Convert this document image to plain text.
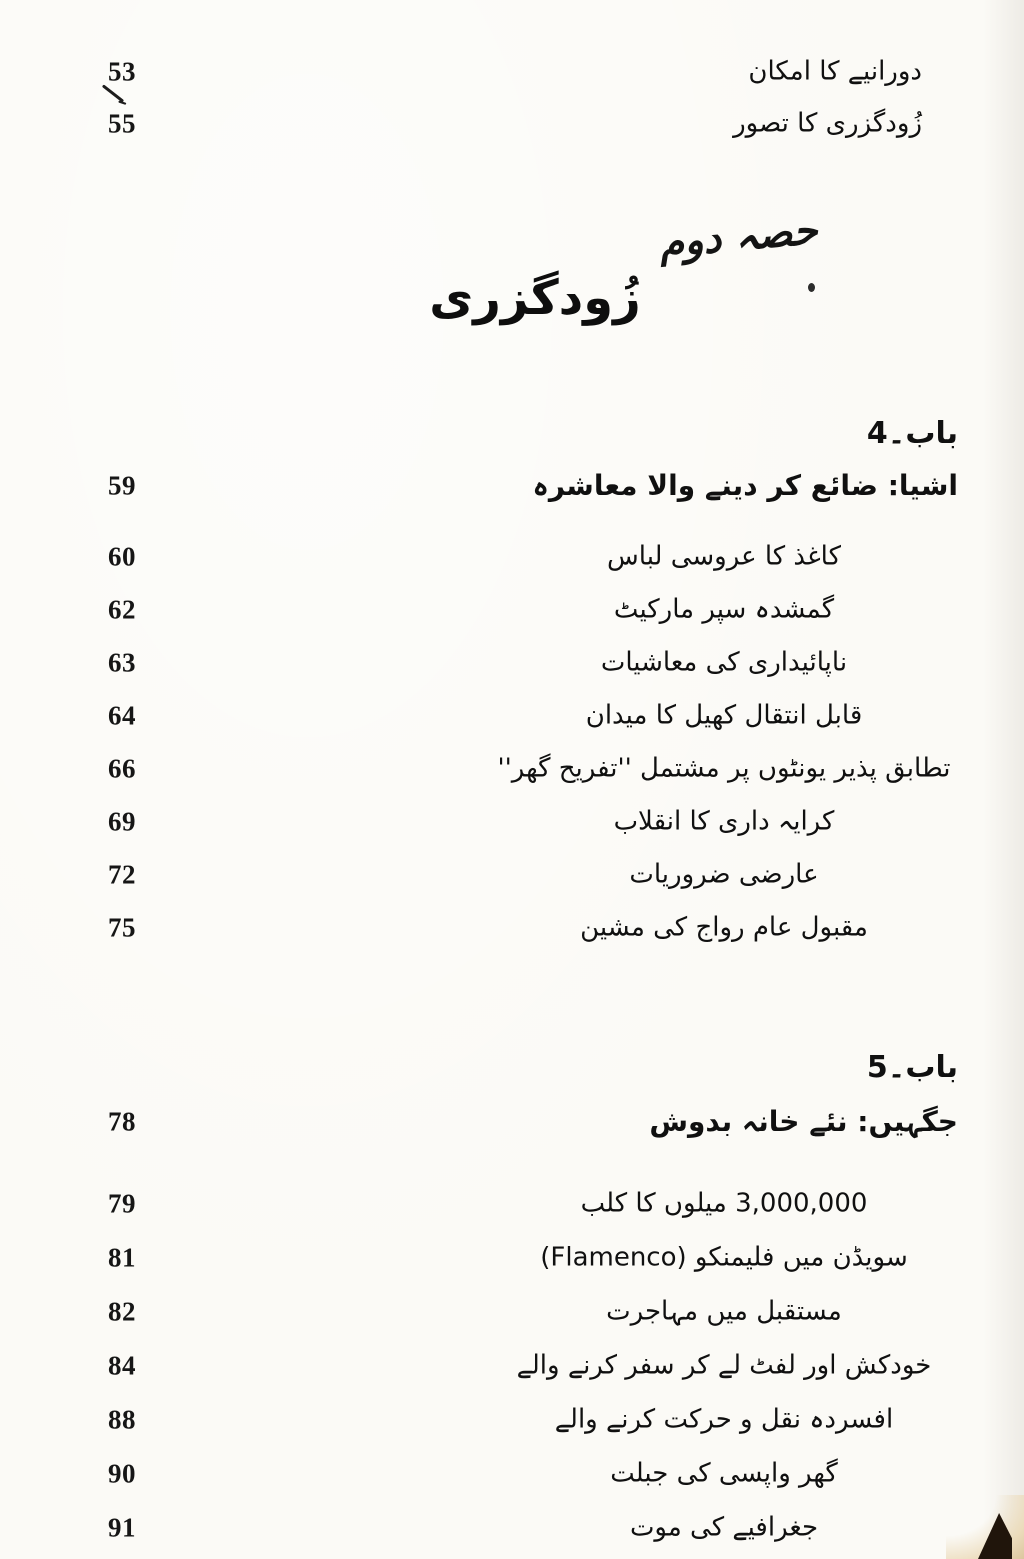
حصہ دوم
زُودگزری
53	دورانیے کا امکان
55	زُودگزری کا تصور
باب۔4
59	اشیا: ضائع کر دینے والا معاشرہ
60	کاغذ کا عروسی لباس
62	گمشدہ سپر مارکیٹ
63	ناپائیداری کی معاشیات
64	قابل انتقال کھیل کا میدان
66	تطابق پذیر یونٹوں پر مشتمل ''تفریح گھر''
69	کرایہ داری کا انقلاب
72	عارضی ضروریات
75	مقبول عام رواج کی مشین
باب۔5
78	جگہیں: نئے خانہ بدوش
79	3,000,000 میلوں کا کلب
81	سویڈن میں فلیمنکو (Flamenco)
82	مستقبل میں مہاجرت
84	خودکش اور لفٹ لے کر سفر کرنے والے
88	افسردہ نقل و حرکت کرنے والے
90	گھر واپسی کی جبلت
91	جغرافیے کی موت
